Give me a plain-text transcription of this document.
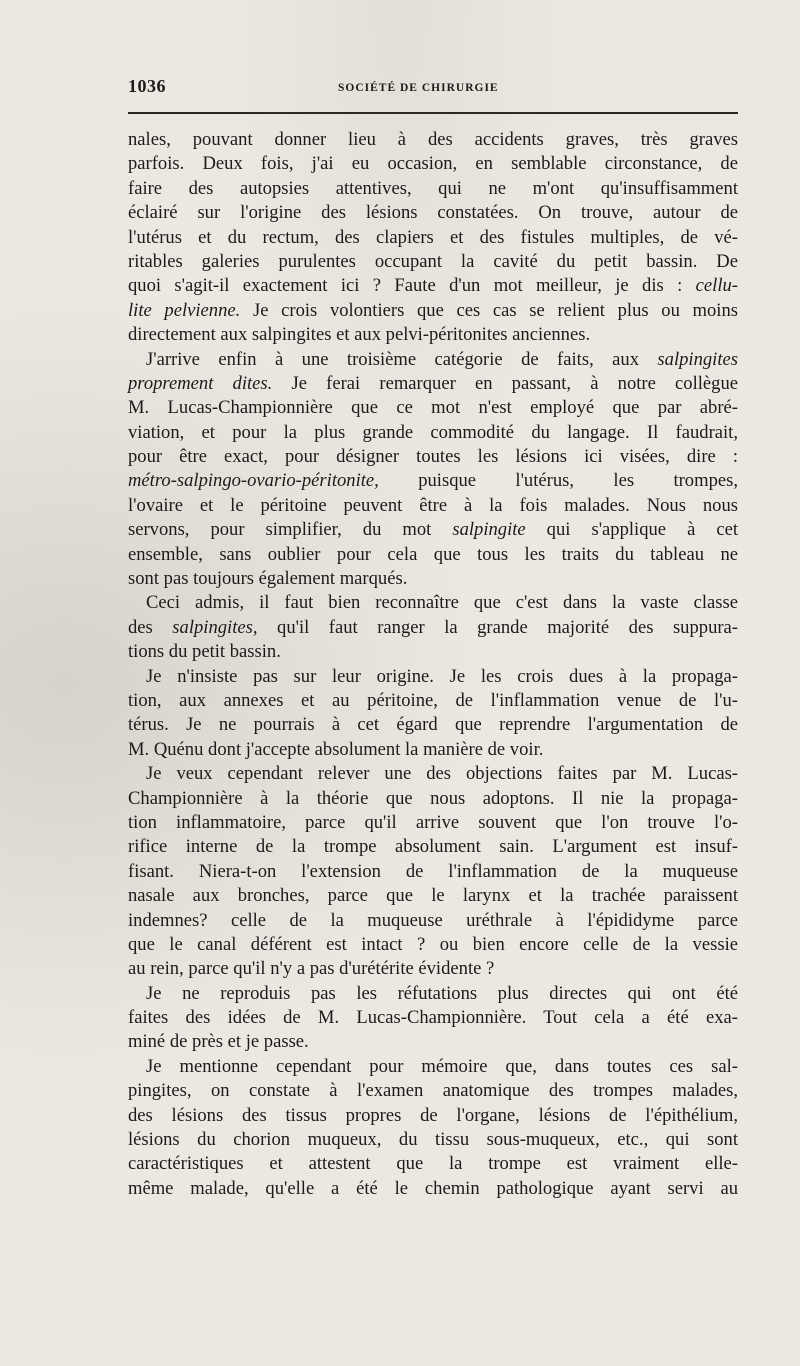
1036	SOCIÉTÉ DE CHIRURGIE
nales, pouvant donner lieu à des accidents graves, très graves
parfois. Deux fois, j'ai eu occasion, en semblable circonstance, de
faire des autopsies attentives, qui ne m'ont qu'insuffisamment
éclairé sur l'origine des lésions constatées. On trouve, autour de
l'utérus et du rectum, des clapiers et des fistules multiples, de vé-
ritables galeries purulentes occupant la cavité du petit bassin. De
quoi s'agit-il exactement ici ? Faute d'un mot meilleur, je dis : cellu-
lite pelvienne. Je crois volontiers que ces cas se relient plus ou moins
directement aux salpingites et aux pelvi-péritonites anciennes.
J'arrive enfin à une troisième catégorie de faits, aux salpingites
proprement dites. Je ferai remarquer en passant, à notre collègue
M. Lucas-Championnière que ce mot n'est employé que par abré-
viation, et pour la plus grande commodité du langage. Il faudrait,
pour être exact, pour désigner toutes les lésions ici visées, dire :
métro-salpingo-ovario-péritonite, puisque l'utérus, les trompes,
l'ovaire et le péritoine peuvent être à la fois malades. Nous nous
servons, pour simplifier, du mot salpingite qui s'applique à cet
ensemble, sans oublier pour cela que tous les traits du tableau ne
sont pas toujours également marqués.
Ceci admis, il faut bien reconnaître que c'est dans la vaste classe
des salpingites, qu'il faut ranger la grande majorité des suppura-
tions du petit bassin.
Je n'insiste pas sur leur origine. Je les crois dues à la propaga-
tion, aux annexes et au péritoine, de l'inflammation venue de l'u-
térus. Je ne pourrais à cet égard que reprendre l'argumentation de
M. Quénu dont j'accepte absolument la manière de voir.
Je veux cependant relever une des objections faites par M. Lucas-
Championnière à la théorie que nous adoptons. Il nie la propaga-
tion inflammatoire, parce qu'il arrive souvent que l'on trouve l'o-
rifice interne de la trompe absolument sain. L'argument est insuf-
fisant. Niera-t-on l'extension de l'inflammation de la muqueuse
nasale aux bronches, parce que le larynx et la trachée paraissent
indemnes? celle de la muqueuse uréthrale à l'épididyme parce
que le canal déférent est intact ? ou bien encore celle de la vessie
au rein, parce qu'il n'y a pas d'urétérite évidente ?
Je ne reproduis pas les réfutations plus directes qui ont été
faites des idées de M. Lucas-Championnière. Tout cela a été exa-
miné de près et je passe.
Je mentionne cependant pour mémoire que, dans toutes ces sal-
pingites, on constate à l'examen anatomique des trompes malades,
des lésions des tissus propres de l'organe, lésions de l'épithélium,
lésions du chorion muqueux, du tissu sous-muqueux, etc., qui sont
caractéristiques et attestent que la trompe est vraiment elle-
même malade, qu'elle a été le chemin pathologique ayant servi au
